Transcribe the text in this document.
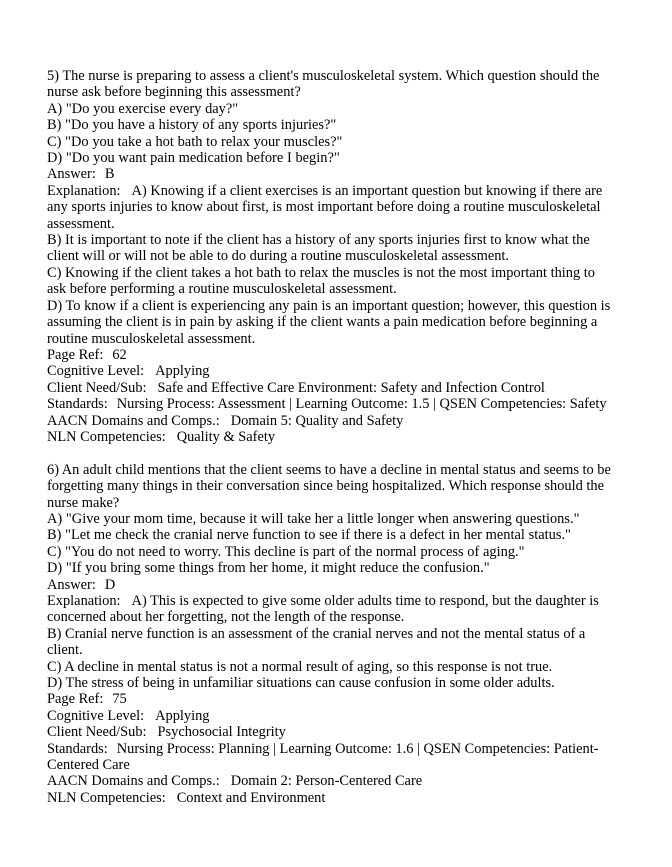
5) The nurse is preparing to assess a client's musculoskeletal system. Which question should the nurse ask before beginning this assessment?

A) "Do you exercise every day?"

B) "Do you have a history of any sports injuries?"

C) "Do you take a hot bath to relax your muscles?"

D) "Do you want pain medication before I begin?"

Answer: B

Explanation: A) Knowing if a client exercises is an important question but knowing if there are any sports injuries to know about first, is most important before doing a routine musculoskeletal assessment.

B) It is important to note if the client has a history of any sports injuries first to know what the client will or will not be able to do during a routine musculoskeletal assessment.

C) Knowing if the client takes a hot bath to relax the muscles is not the most important thing to ask before performing a routine musculoskeletal assessment.

D) To know if a client is experiencing any pain is an important question; however, this question is assuming the client is in pain by asking if the client wants a pain medication before beginning a routine musculoskeletal assessment.

Page Ref: 62

Cognitive Level: Applying

Client Need/Sub: Safe and Effective Care Environment: Safety and Infection Control

Standards: Nursing Process: Assessment | Learning Outcome: 1.5 | QSEN Competencies: Safety

AACN Domains and Comps.: Domain 5: Quality and Safety

NLN Competencies: Quality & Safety

6) An adult child mentions that the client seems to have a decline in mental status and seems to be forgetting many things in their conversation since being hospitalized. Which response should the nurse make?

A) "Give your mom time, because it will take her a little longer when answering questions."

B) "Let me check the cranial nerve function to see if there is a defect in her mental status."

C) "You do not need to worry. This decline is part of the normal process of aging."

D) "If you bring some things from her home, it might reduce the confusion."

Answer: D

Explanation: A) This is expected to give some older adults time to respond, but the daughter is concerned about her forgetting, not the length of the response.

B) Cranial nerve function is an assessment of the cranial nerves and not the mental status of a client.

C) A decline in mental status is not a normal result of aging, so this response is not true.

D) The stress of being in unfamiliar situations can cause confusion in some older adults.

Page Ref: 75

Cognitive Level: Applying

Client Need/Sub: Psychosocial Integrity

Standards: Nursing Process: Planning | Learning Outcome: 1.6 | QSEN Competencies: Patient-Centered Care

AACN Domains and Comps.: Domain 2: Person-Centered Care

NLN Competencies: Context and Environment
